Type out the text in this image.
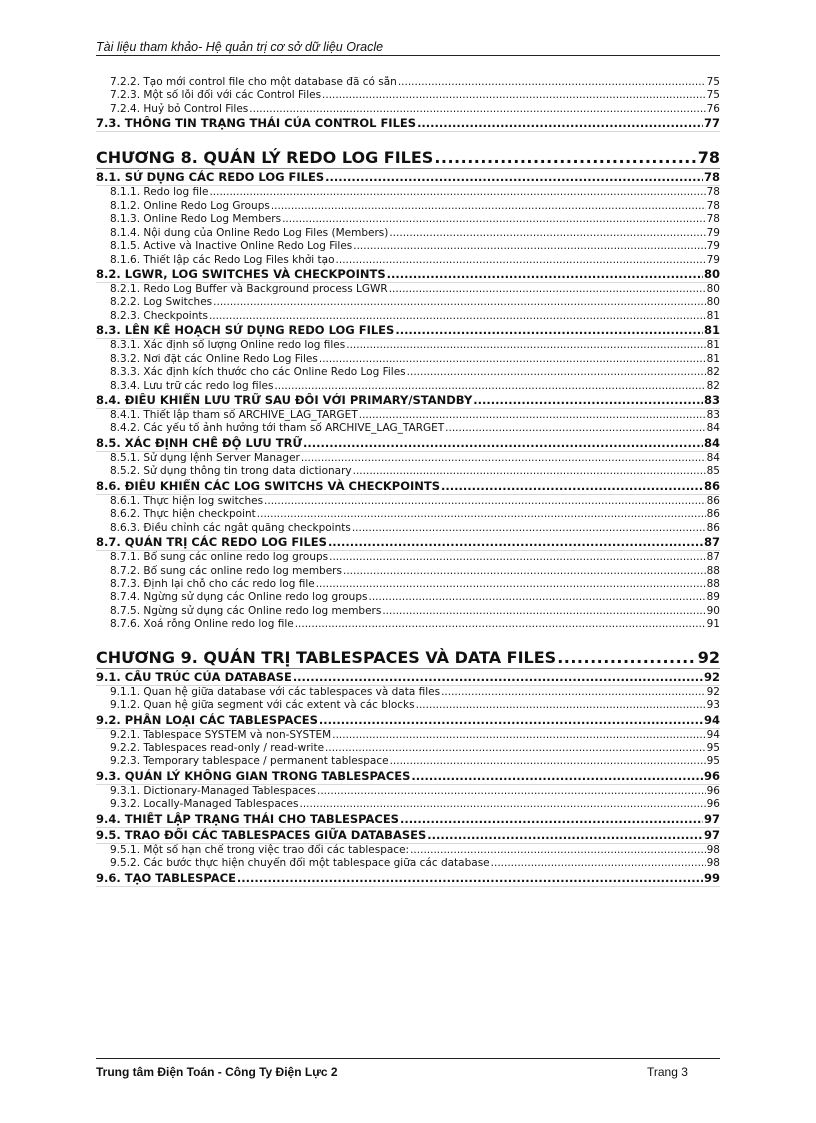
Tài liệu tham khảo- Hệ quản trị cơ sở dữ liệu Oracle
7.2.2. Tạo mới control file cho một database đã có sẵn .....	75
7.2.3. Một số lỗi đối với các Control Files .....	75
7.2.4. Huỷ bỏ Control Files .....	76
7.3. THÔNG TIN TRẠNG THÁI CỦA CONTROL FILES .....	77
CHƯƠNG 8. QUẢN LÝ REDO LOG FILES .....	78
8.1. SỬ DỤNG CÁC REDO LOG FILES .....	78
8.1.1. Redo log file .....	78
8.1.2. Online Redo Log Groups .....	78
8.1.3. Online Redo Log Members .....	78
8.1.4. Nội dung của Online Redo Log Files (Members) .....	79
8.1.5. Active và Inactive Online Redo Log Files .....	79
8.1.6. Thiết lập các Redo Log Files khởi tạo .....	79
8.2. LGWR, LOG SWITCHES VÀ CHECKPOINTS .....	80
8.2.1. Redo Log Buffer và Background process LGWR .....	80
8.2.2. Log Switches .....	80
8.2.3. Checkpoints .....	81
8.3. LÊN KẾ HOẠCH SỬ DỤNG REDO LOG FILES .....	81
8.3.1. Xác định số lượng Online redo log files .....	81
8.3.2. Nơi đặt các Online Redo Log Files .....	81
8.3.3. Xác định kích thước cho các Online Redo Log Files .....	82
8.3.4. Lưu trữ các redo log files .....	82
8.4. ĐIỀU KHIỂN LƯU TRỮ SAU ĐỐI VỚI PRIMARY/STANDBY .....	83
8.4.1. Thiết lập tham số ARCHIVE_LAG_TARGET .....	83
8.4.2. Các yếu tố ảnh hưởng tới tham số ARCHIVE_LAG_TARGET .....	84
8.5. XÁC ĐỊNH CHẾ ĐỘ LƯU TRỮ .....	84
8.5.1. Sử dụng lệnh Server Manager .....	84
8.5.2. Sử dụng thông tin trong data dictionary .....	85
8.6. ĐIỀU KHIỂN CÁC LOG SWITCHS VÀ CHECKPOINTS .....	86
8.6.1. Thực hiện log switches .....	86
8.6.2. Thực hiện checkpoint .....	86
8.6.3. Điều chỉnh các ngắt quãng checkpoints .....	86
8.7. QUẢN TRỊ CÁC REDO LOG FILES .....	87
8.7.1. Bổ sung các online redo log groups .....	87
8.7.2. Bổ sung các online redo log members .....	88
8.7.3. Định lại chỗ cho các redo log file .....	88
8.7.4. Ngừng sử dụng các Online redo log groups .....	89
8.7.5. Ngừng sử dụng các Online redo log members .....	90
8.7.6. Xoá rỗng Online redo log file .....	91
CHƯƠNG 9. QUẢN TRỊ TABLESPACES VÀ DATA FILES .....	92
9.1. CẤU TRÚC CỦA DATABASE .....	92
9.1.1. Quan hệ giữa database với các tablespaces và data files .....	92
9.1.2. Quan hệ giữa segment với các extent và các blocks .....	93
9.2. PHÂN LOẠI CÁC TABLESPACES .....	94
9.2.1. Tablespace SYSTEM và non-SYSTEM .....	94
9.2.2. Tablespaces read-only / read-write .....	95
9.2.3. Temporary tablespace / permanent tablespace .....	95
9.3. QUẢN LÝ KHÔNG GIAN TRONG TABLESPACES .....	96
9.3.1. Dictionary-Managed Tablespaces .....	96
9.3.2. Locally-Managed Tablespaces .....	96
9.4. THIẾT LẬP TRẠNG THÁI CHO TABLESPACES .....	97
9.5. TRAO ĐỔI CÁC TABLESPACES GIỮA DATABASES .....	97
9.5.1. Một số hạn chế trong việc trao đổi các tablespace: .....	98
9.5.2. Các bước thực hiện chuyển đổi một tablespace giữa các database .....	98
9.6. TẠO TABLESPACE .....	99
Trung tâm Điện Toán - Công Ty Điện Lực 2	Trang 3
